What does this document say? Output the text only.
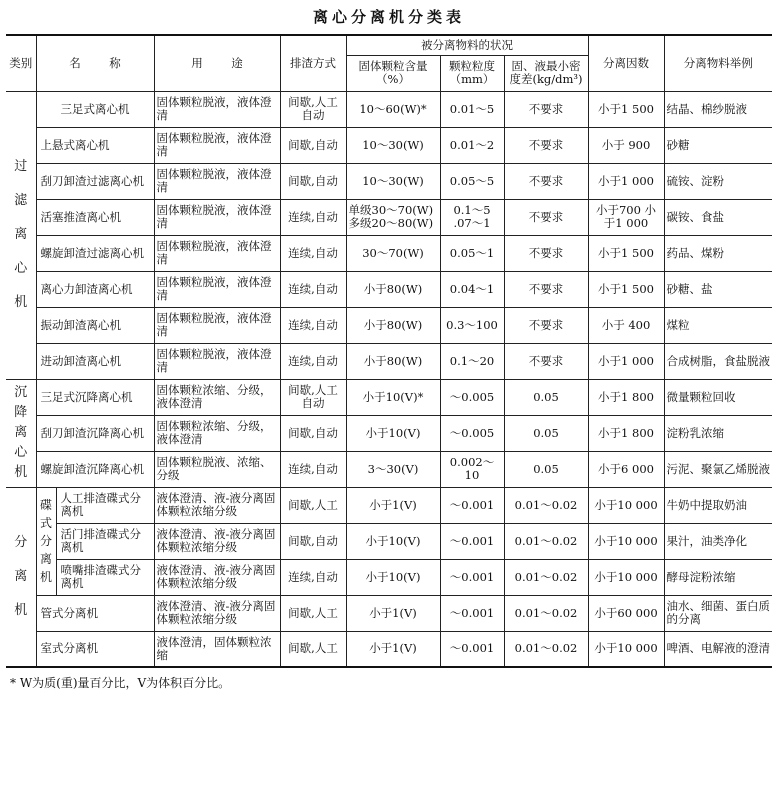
离心分离机分类表
类别	名 称		用 途	排渣方式	被分离物料的状况			分离因数	分离物料举例
					固体颗粒含量（%）	颗粒粒度（mm）	固、液最小密度差(kg/dm³)		

过滤离心机	三足式离心机		固体颗粒脱液，液体澄清	间歇,人工自动	10～60(W)*	0.01～5	不要求	小于1 500	结晶、棉纱脱液
	上悬式离心机		固体颗粒脱液，液体澄清	间歇,自动	10～30(W)	0.01～2	不要求	小于 900	砂糖
	刮刀卸渣过滤离心机		固体颗粒脱液，液体澄清	间歇,自动	10～30(W)	0.05～5	不要求	小于1 000	硫铵、淀粉
	活塞推渣离心机		固体颗粒脱液，液体澄清	连续,自动	单级30～70(W) 多级20～80(W)	0.1～5 .07～1	不要求	小于700 小于1 000	碳铵、食盐
	螺旋卸渣过滤离心机		固体颗粒脱液，液体澄清	连续,自动	30～70(W)	0.05～1	不要求	小于1 500	药品、煤粉
	离心力卸渣离心机		固体颗粒脱液，液体澄清	连续,自动	小于80(W)	0.04～1	不要求	小于1 500	砂糖、盐
	振动卸渣离心机		固体颗粒脱液，液体澄清	连续,自动	小于80(W)	0.3～100	不要求	小于 400	煤粒
	进动卸渣离心机		固体颗粒脱液，液体澄清	连续,自动	小于80(W)	0.1～20	不要求	小于1 000	合成树脂，食盐脱液

沉降离心机	三足式沉降离心机		固体颗粒浓缩、分级，液体澄清	间歇,人工自动	小于10(V)*	～0.005	0.05	小于1 800	微量颗粒回收
	刮刀卸渣沉降离心机		固体颗粒浓缩、分级，液体澄清	间歇,自动	小于10(V)	～0.005	0.05	小于1 800	淀粉乳浓缩
	螺旋卸渣沉降离心机		固体颗粒脱液、浓缩、分级	连续,自动	3～30(V)	0.002～10	0.05	小于6 000	污泥、聚氯乙烯脱液

分离机	碟式分离机	人工排渣碟式分离机	液体澄清、液-液分离固体颗粒浓缩分级	间歇,人工	小于1(V)	～0.001	0.01～0.02	小于10 000	牛奶中提取奶油
		活门排渣碟式分离机	液体澄清、液-液分离固体颗粒浓缩分级	间歇,自动	小于10(V)	～0.001	0.01～0.02	小于10 000	果汁，油类净化
		喷嘴排渣碟式分离机	液体澄清、液-液分离固体颗粒浓缩分级	连续,自动	小于10(V)	～0.001	0.01～0.02	小于10 000	酵母淀粉浓缩
	管式分离机		液体澄清、液-液分离固体颗粒浓缩分级	间歇,人工	小于1(V)	～0.001	0.01～0.02	小于60 000	油水、细菌、蛋白质的分离
	室式分离机		液体澄清，固体颗粒浓缩	间歇,人工	小于1(V)	～0.001	0.01～0.02	小于10 000	啤酒、电解液的澄清
* W为质(重)量百分比，V为体积百分比。
